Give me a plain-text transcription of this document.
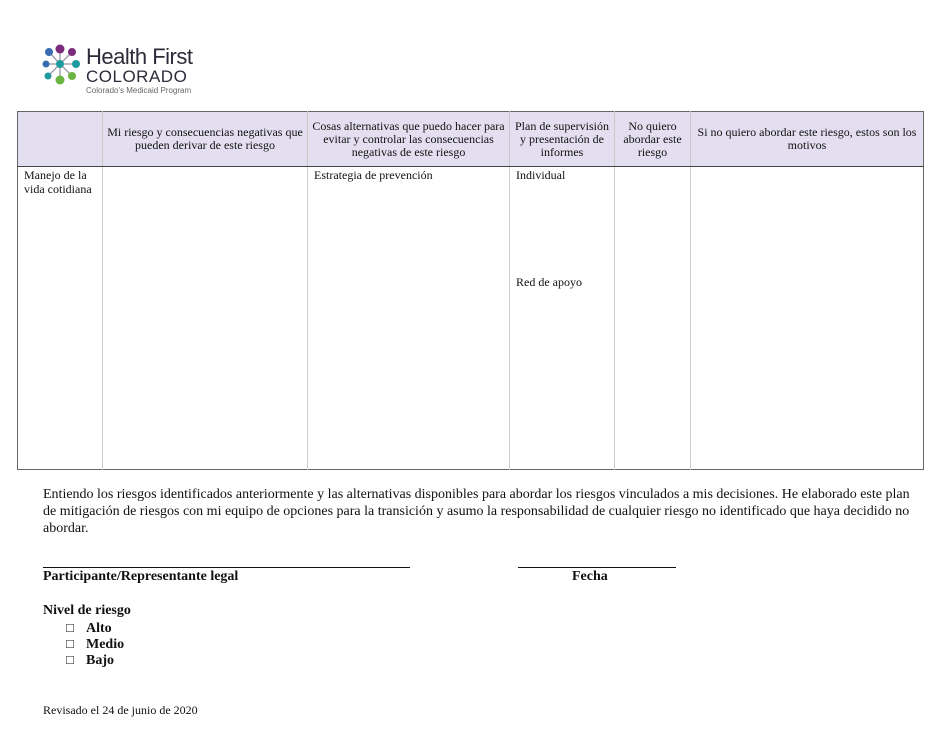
Health First
COLORADO
Colorado's Medicaid Program
	Mi riesgo y consecuencias negativas que pueden derivar de este riesgo	Cosas alternativas que puedo hacer para evitar y controlar las consecuencias negativas de este riesgo	Plan de supervisión y presentación de informes	No quiero abordar este riesgo	Si no quiero abordar este riesgo, estos son los motivos
Manejo de la vida cotidiana		Estrategia de prevención	Individual
Red de apoyo		

Entiendo los riesgos identificados anteriormente y las alternativas disponibles para abordar los riesgos vinculados a mis decisiones. He elaborado este plan de mitigación de riesgos con mi equipo de opciones para la transición y asumo la responsabilidad de cualquier riesgo no identificado que haya decidido no abordar.
Participante/Representante legal	Fecha
Nivel de riesgo
□ Alto
□ Medio
□ Bajo
Revisado el 24 de junio de 2020
